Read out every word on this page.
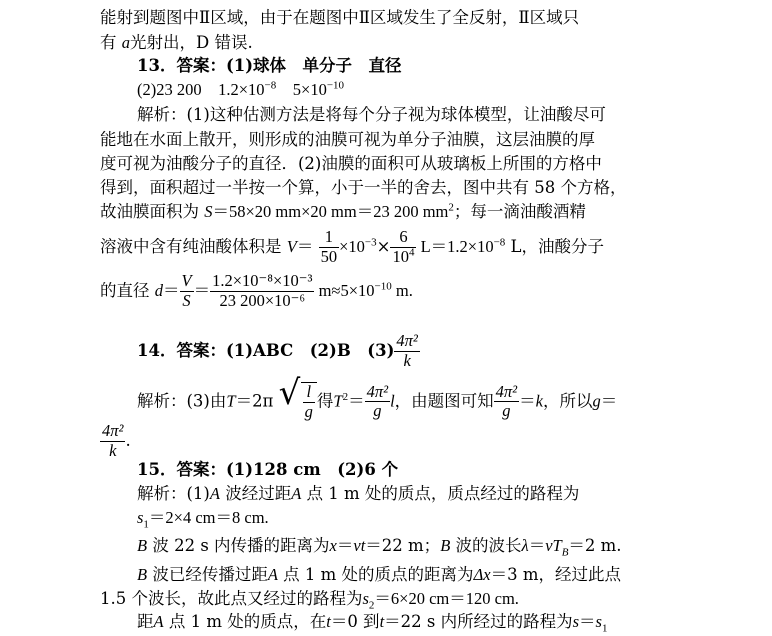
能射到题图中Ⅱ区域，由于在题图中Ⅱ区域发生了全反射，Ⅱ区域只
有 a光射出，D 错误.
13．答案：(1)球体　单分子　直径
(2)23 200　$1.2\times 10^{-8}$　$5\times 10^{-10}$
解析：(1)这种估测方法是将每个分子视为球体模型，让油酸尽可
能地在水面上散开，则形成的油膜可视为单分子油膜，这层油膜的厚
度可视为油酸分子的直径．(2)油膜的面积可从玻璃板上所围的方格中
得到，面积超过一半按一个算，小于一半的舍去，图中共有 58 个方格，
故油膜面积为 S＝58×20 mm×20 mm＝23 200 $mm^2$；每一滴油酸酒精
溶液中含有纯油酸体积是 $V= \frac{1}{50} \times 10^{-3}\times \frac{6}{10^4} L=1.2\times 10^{-8}$ L，油酸分子
的直径 $d= \frac{V}{S} = \frac{\text{1.2×10⁻⁸×10⁻³}}{\text{23 200×10⁻⁶}} m\approx 5\times 10^{-10}$ m.
14．答案：(1)ABC　(2)B　$(3) \frac{\text{4π²}}{k}$
解析：(3)由T＝2π √ $\frac{l}{g}$ 得$T^2= \frac{\text{4π²}}{g}$ l，由题图可知 $\frac{\text{4π²}}{g} =k$，所以g＝
$\frac{\text{4π²}}{k}$ .
15．答案：(1)128 cm　(2)6 个
解析：(1)A 波经过距A 点 1 m 处的质点，质点经过的路程为
$s_1=2\times 4$ cm＝8 cm.
B 波 22 s 内传播的距离为x＝vt＝22 m；B 波的波长$\lambda=vT_B=2$ m.
B 波已经传播过距A 点 1 m 处的质点的距离为Δx＝3 m，经过此点
1.5 个波长，故此点又经过的路程为$s_2=6\times 20$ cm＝120 cm.
距A 点 1 m 处的质点，在t＝0 到t＝22 s 内所经过的路程为$s=s_1$
